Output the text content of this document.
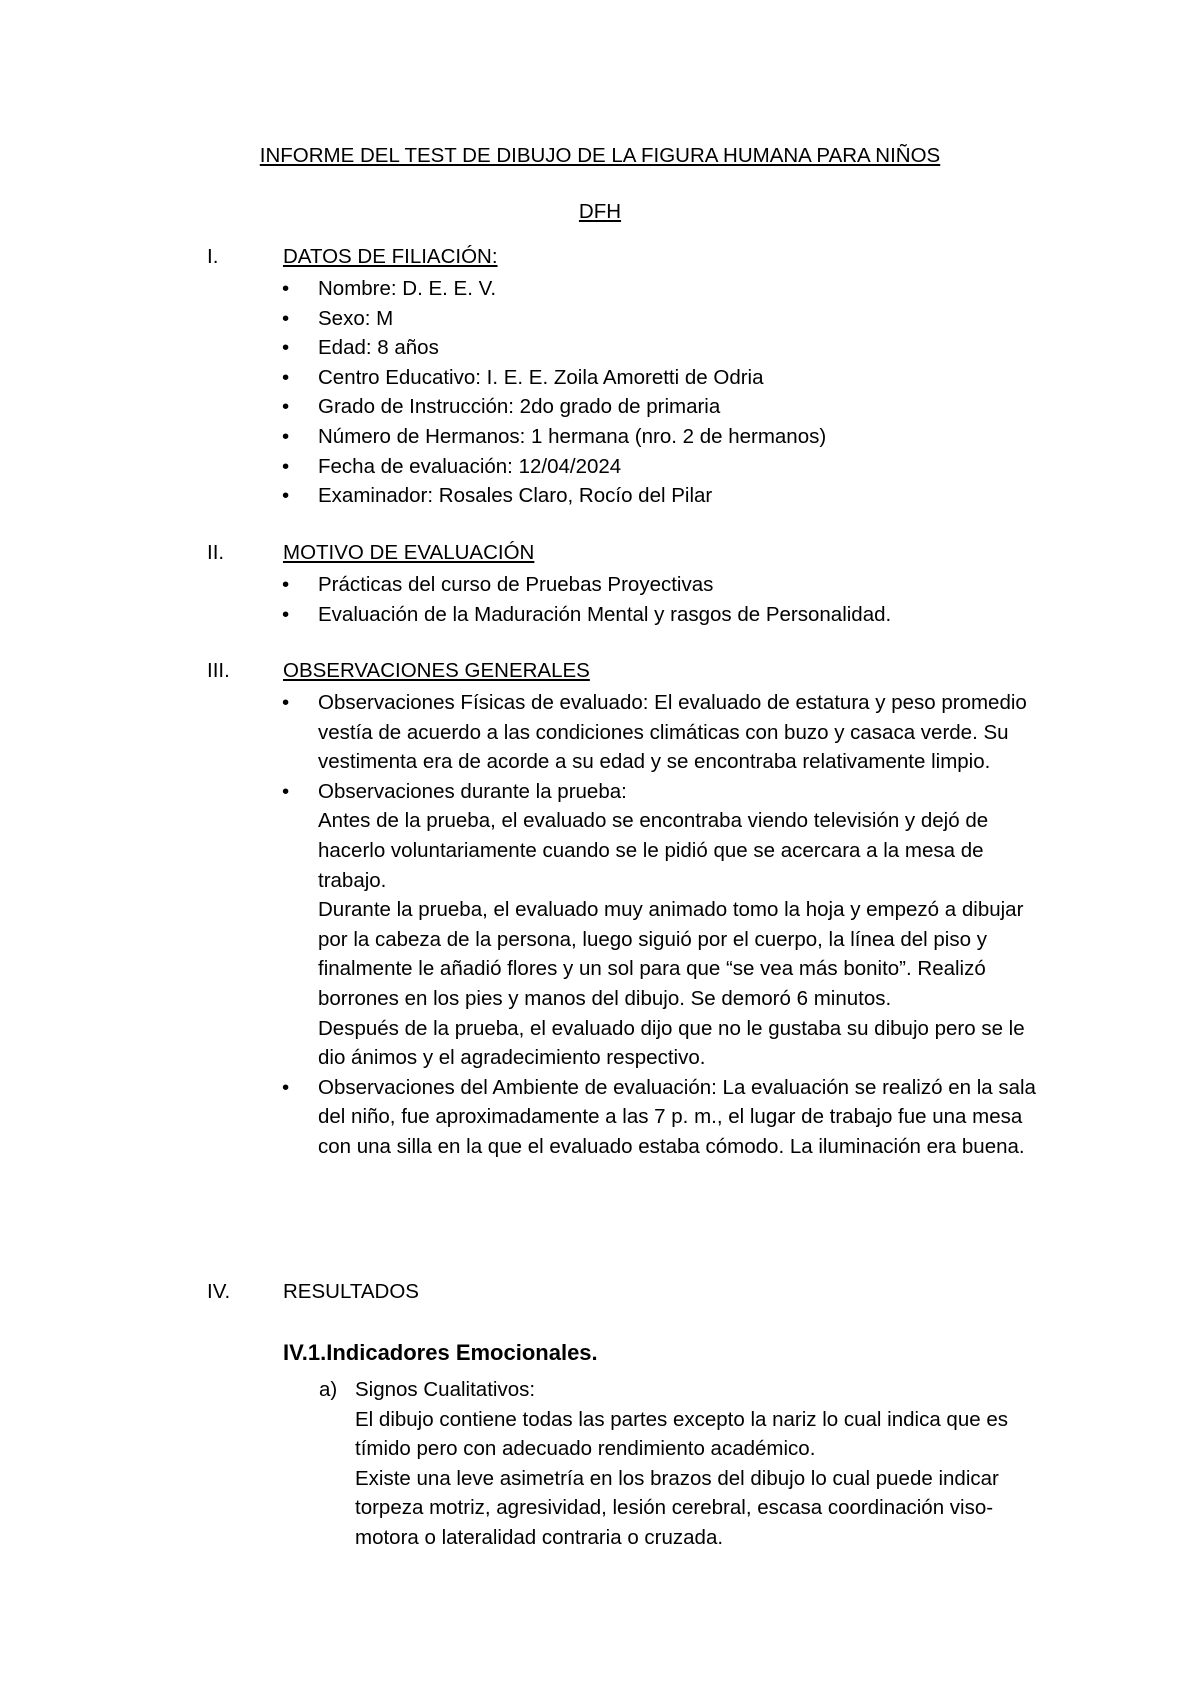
INFORME DEL TEST DE DIBUJO DE LA FIGURA HUMANA PARA NIÑOS
DFH
I.	DATOS DE FILIACIÓN:
• Nombre: D. E. E. V.
• Sexo: M
• Edad: 8 años
• Centro Educativo: I. E. E. Zoila Amoretti de Odria
• Grado de Instrucción: 2do grado de primaria
• Número de Hermanos: 1 hermana (nro. 2 de hermanos)
• Fecha de evaluación: 12/04/2024
• Examinador: Rosales Claro, Rocío del Pilar
II.	MOTIVO DE EVALUACIÓN
• Prácticas del curso de Pruebas Proyectivas
• Evaluación de la Maduración Mental y rasgos de Personalidad.
III.	OBSERVACIONES GENERALES
• Observaciones Físicas de evaluado: El evaluado de estatura y peso promedio vestía de acuerdo a las condiciones climáticas con buzo y casaca verde. Su vestimenta era de acorde a su edad y se encontraba relativamente limpio.

• Observaciones durante la prueba:

Antes de la prueba, el evaluado se encontraba viendo televisión y dejó de hacerlo voluntariamente cuando se le pidió que se acercara a la mesa de trabajo.

Durante la prueba, el evaluado muy animado tomo la hoja y empezó a dibujar por la cabeza de la persona, luego siguió por el cuerpo, la línea del piso y finalmente le añadió flores y un sol para que “se vea más bonito”. Realizó borrones en los pies y manos del dibujo. Se demoró 6 minutos.

Después de la prueba, el evaluado dijo que no le gustaba su dibujo pero se le dio ánimos y el agradecimiento respectivo.

• Observaciones del Ambiente de evaluación: La evaluación se realizó en la sala del niño, fue aproximadamente a las 7 p. m., el lugar de trabajo fue una mesa con una silla en la que el evaluado estaba cómodo. La iluminación era buena.

IV.	RESULTADOS
IV.1.Indicadores Emocionales.
a) Signos Cualitativos:

El dibujo contiene todas las partes excepto la nariz lo cual indica que es tímido pero con adecuado rendimiento académico.

Existe una leve asimetría en los brazos del dibujo lo cual puede indicar torpeza motriz, agresividad, lesión cerebral, escasa coordinación viso-motora o lateralidad contraria o cruzada.
